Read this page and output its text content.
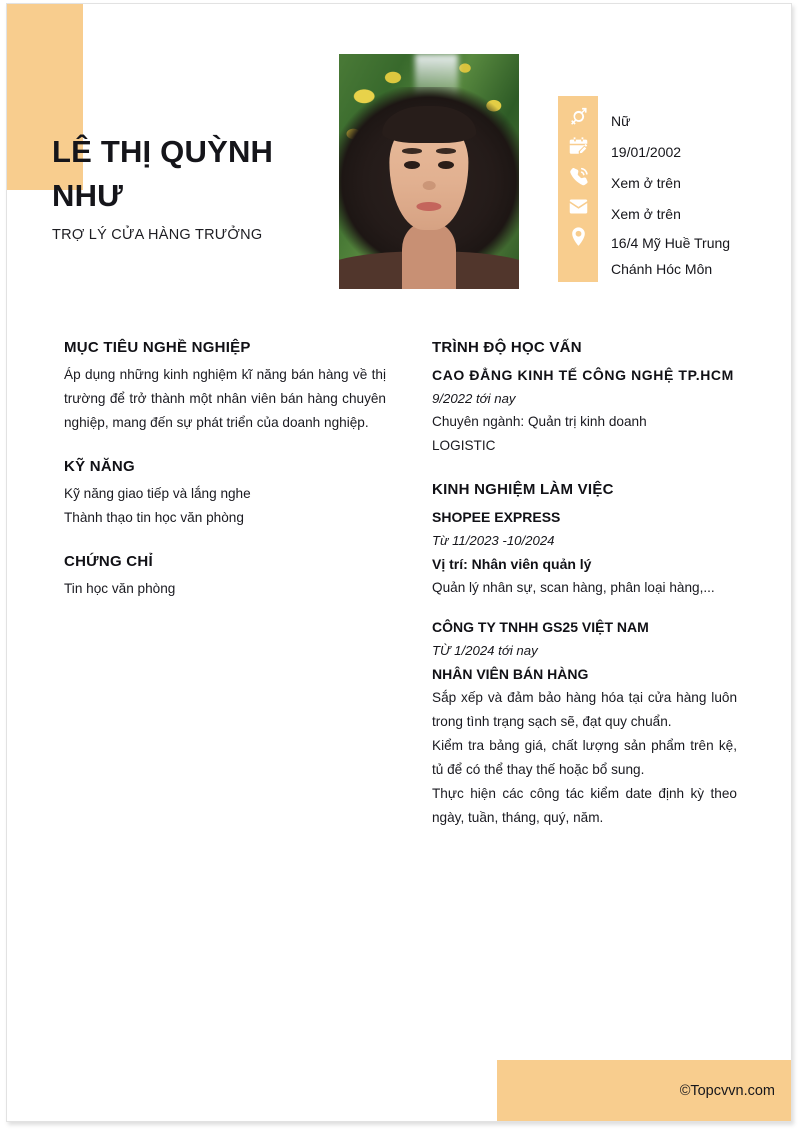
LÊ THỊ QUỲNH NHƯ

TRỢ LÝ CỬA HÀNG TRƯỞNG

Nữ
19/01/2002
Xem ở trên
Xem ở trên
16/4 Mỹ Huề Trung
Chánh Hóc Môn
MỤC TIÊU NGHỀ NGHIỆP

Áp dụng những kinh nghiệm kĩ năng bán hàng về thị trường để trở thành một nhân viên bán hàng chuyên nghiệp, mang đến sự phát triển của doanh nghiệp.

KỸ NĂNG

Kỹ năng giao tiếp và lắng nghe

Thành thạo tin học văn phòng

CHỨNG CHỈ

Tin học văn phòng

TRÌNH ĐỘ HỌC VẤN

CAO ĐẲNG KINH TẾ CÔNG NGHỆ TP.HCM

9/2022 tới nay

Chuyên ngành: Quản trị kinh doanh

LOGISTIC

KINH NGHIỆM LÀM VIỆC

SHOPEE EXPRESS

Từ 11/2023 -10/2024

Vị trí: Nhân viên quản lý

Quản lý nhân sự, scan hàng, phân loại hàng,...

CÔNG TY TNHH GS25 VIỆT NAM

TỪ 1/2024 tới nay

NHÂN VIÊN BÁN HÀNG

Sắp xếp và đảm bảo hàng hóa tại cửa hàng luôn trong tình trạng sạch sẽ, đạt quy chuẩn.

Kiểm tra bảng giá, chất lượng sản phẩm trên kệ, tủ để có thể thay thế hoặc bổ sung.

Thực hiện các công tác kiểm date định kỳ theo ngày, tuần, tháng, quý, năm.

©Topcvvn.com
